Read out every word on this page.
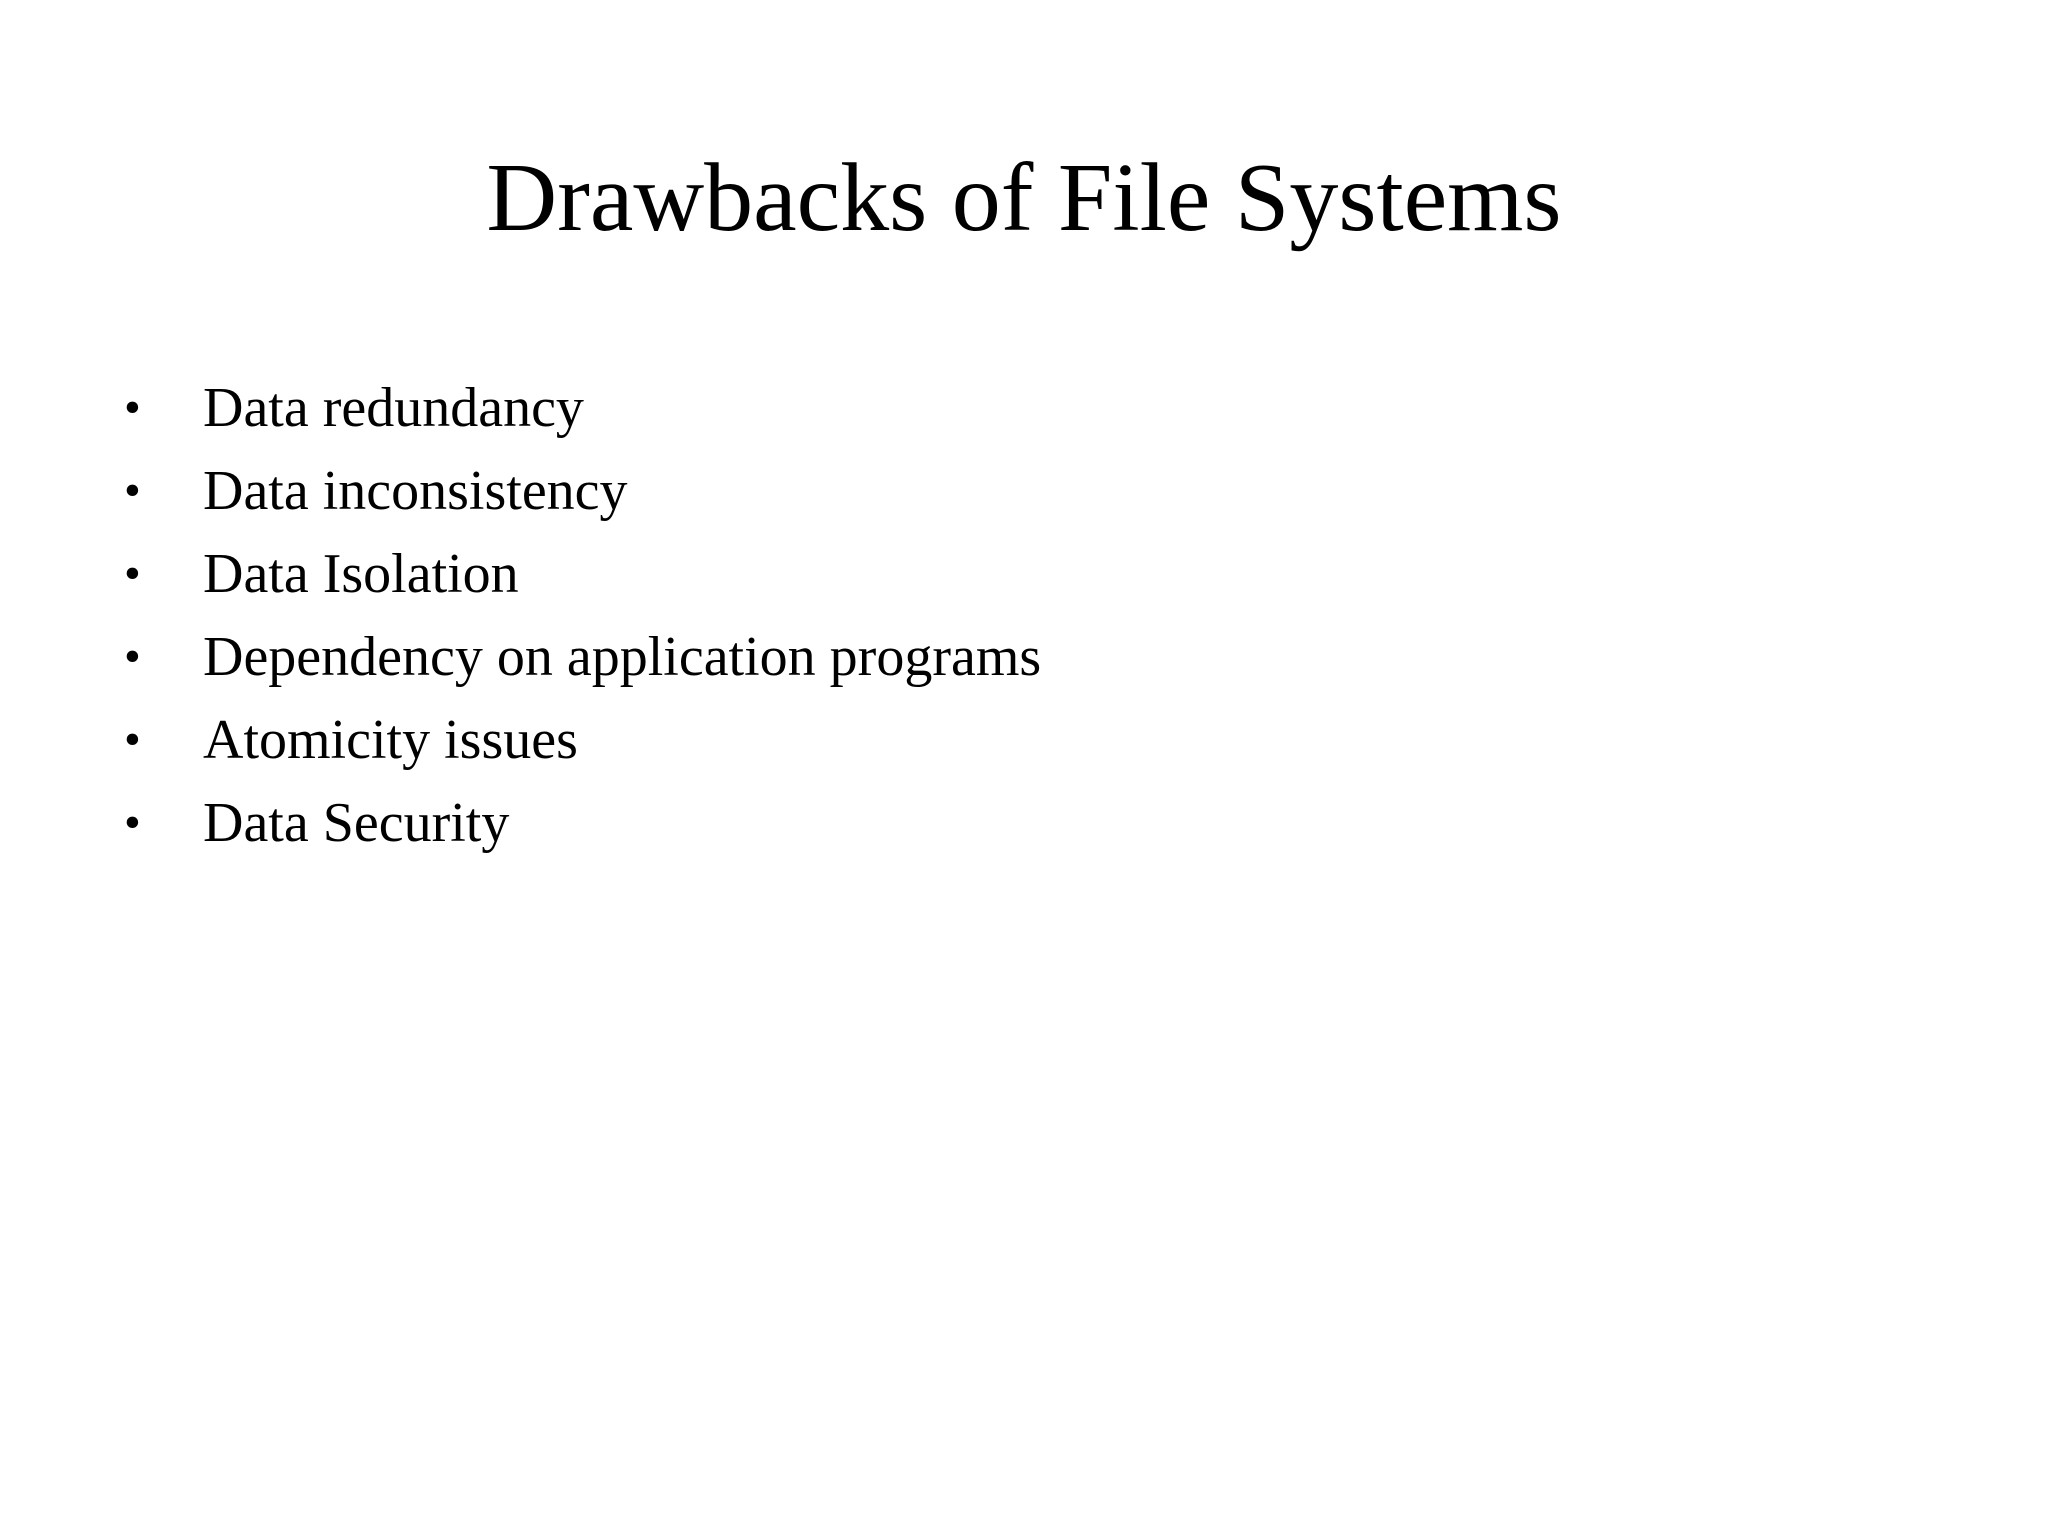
Drawbacks of File Systems
• Data redundancy
• Data inconsistency
• Data Isolation
• Dependency on application programs
• Atomicity issues
• Data Security
